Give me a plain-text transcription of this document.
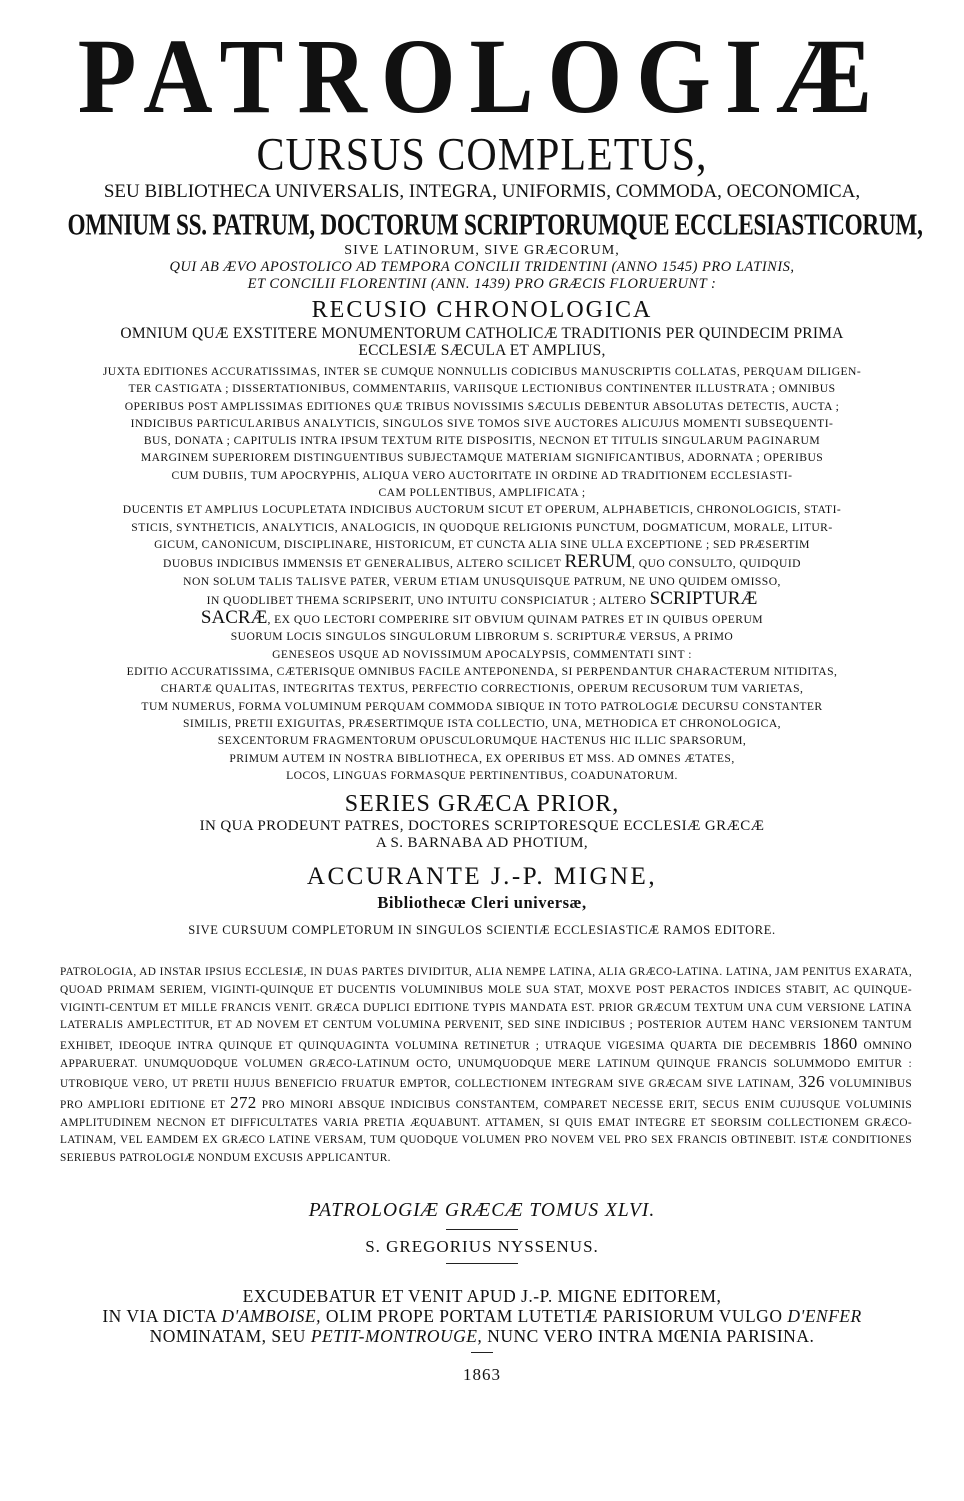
PATROLOGIÆ
CURSUS COMPLETUS,
SEU BIBLIOTHECA UNIVERSALIS, INTEGRA, UNIFORMIS, COMMODA, OECONOMICA,
OMNIUM SS. PATRUM, DOCTORUM SCRIPTORUMQUE ECCLESIASTICORUM,
SIVE LATINORUM, SIVE GRÆCORUM,
QUI AB ÆVO APOSTOLICO AD TEMPORA CONCILII TRIDENTINI (ANNO 1545) PRO LATINIS,
ET CONCILII FLORENTINI (ANN. 1439) PRO GRÆCIS FLORUERUNT :
RECUSIO CHRONOLOGICA
OMNIUM QUÆ EXSTITERE MONUMENTORUM CATHOLICÆ TRADITIONIS PER QUINDECIM PRIMA
ECCLESIÆ SÆCULA ET AMPLIUS,
JUXTA EDITIONES ACCURATISSIMAS, INTER SE CUMQUE NONNULLIS CODICIBUS MANUSCRIPTIS COLLATAS, PERQUAM DILIGEN-
TER CASTIGATA ; DISSERTATIONIBUS, COMMENTARIIS, VARIISQUE LECTIONIBUS CONTINENTER ILLUSTRATA ; OMNIBUS
OPERIBUS POST AMPLISSIMAS EDITIONES QUÆ TRIBUS NOVISSIMIS SÆCULIS DEBENTUR ABSOLUTAS DETECTIS, AUCTA ;
INDICIBUS PARTICULARIBUS ANALYTICIS, SINGULOS SIVE TOMOS SIVE AUCTORES ALICUJUS MOMENTI SUBSEQUENTI-
BUS, DONATA ; CAPITULIS INTRA IPSUM TEXTUM RITE DISPOSITIS, NECNON ET TITULIS SINGULARUM PAGINARUM
MARGINEM SUPERIOREM DISTINGUENTIBUS SUBJECTAMQUE MATERIAM SIGNIFICANTIBUS, ADORNATA ; OPERIBUS
CUM DUBIIS, TUM APOCRYPHIS, ALIQUA VERO AUCTORITATE IN ORDINE AD TRADITIONEM ECCLESIASTI-
CAM POLLENTIBUS, AMPLIFICATA ;
DUCENTIS ET AMPLIUS LOCUPLETATA INDICIBUS AUCTORUM SICUT ET OPERUM, ALPHABETICIS, CHRONOLOGICIS, STATI-
STICIS, SYNTHETICIS, ANALYTICIS, ANALOGICIS, IN QUODQUE RELIGIONIS PUNCTUM, DOGMATICUM, MORALE, LITUR-
GICUM, CANONICUM, DISCIPLINARE, HISTORICUM, ET CUNCTA ALIA SINE ULLA EXCEPTIONE ; SED PRÆSERTIM
DUOBUS INDICIBUS IMMENSIS ET GENERALIBUS, ALTERO SCILICET RERUM, QUO CONSULTO, QUIDQUID
NON SOLUM TALIS TALISVE PATER, VERUM ETIAM UNUSQUISQUE PATRUM, NE UNO QUIDEM OMISSO,
IN QUODLIBET THEMA SCRIPSERIT, UNO INTUITU CONSPICIATUR ; ALTERO SCRIPTURÆ
SACRÆ, EX QUO LECTORI COMPERIRE SIT OBVIUM QUINAM PATRES ET IN QUIBUS OPERUM
SUORUM LOCIS SINGULOS SINGULORUM LIBRORUM S. SCRIPTURÆ VERSUS, A PRIMO
GENESEOS USQUE AD NOVISSIMUM APOCALYPSIS, COMMENTATI SINT :
EDITIO ACCURATISSIMA, CÆTERISQUE OMNIBUS FACILE ANTEPONENDA, SI PERPENDANTUR CHARACTERUM NITIDITAS,
CHARTÆ QUALITAS, INTEGRITAS TEXTUS, PERFECTIO CORRECTIONIS, OPERUM RECUSORUM TUM VARIETAS,
TUM NUMERUS, FORMA VOLUMINUM PERQUAM COMMODA SIBIQUE IN TOTO PATROLOGIÆ DECURSU CONSTANTER
SIMILIS, PRETII EXIGUITAS, PRÆSERTIMQUE ISTA COLLECTIO, UNA, METHODICA ET CHRONOLOGICA,
SEXCENTORUM FRAGMENTORUM OPUSCULORUMQUE HACTENUS HIC ILLIC SPARSORUM,
PRIMUM AUTEM IN NOSTRA BIBLIOTHECA, EX OPERIBUS ET MSS. AD OMNES ÆTATES,
LOCOS, LINGUAS FORMASQUE PERTINENTIBUS, COADUNATORUM.
SERIES GRÆCA PRIOR,
IN QUA PRODEUNT PATRES, DOCTORES SCRIPTORESQUE ECCLESIÆ GRÆCÆ
A S. BARNABA AD PHOTIUM,
ACCURANTE J.-P. MIGNE,
Bibliothecæ Cleri universæ,
SIVE CURSUUM COMPLETORUM IN SINGULOS SCIENTIÆ ECCLESIASTICÆ RAMOS EDITORE.
PATROLOGIA, AD INSTAR IPSIUS ECCLESIÆ, IN DUAS PARTES DIVIDITUR, ALIA NEMPE LATINA, ALIA GRÆCO-LATINA. LATINA, JAM PENITUS EXARATA, QUOAD PRIMAM SERIEM, VIGINTI-QUINQUE ET DUCENTIS VOLUMINIBUS MOLE SUA STAT, MOXVE POST PERACTOS INDICES STABIT, AC QUINQUE-VIGINTI-CENTUM ET MILLE FRANCIS VENIT. GRÆCA DUPLICI EDITIONE TYPIS MANDATA EST. PRIOR GRÆCUM TEXTUM UNA CUM VERSIONE LATINA LATERALIS AMPLECTITUR, ET AD NOVEM ET CENTUM VOLUMINA PERVENIT, SED SINE INDICIBUS ; POSTERIOR AUTEM HANC VERSIONEM TANTUM EXHIBET, IDEOQUE INTRA QUINQUE ET QUINQUAGINTA VOLUMINA RETINETUR ; UTRAQUE VIGESIMA QUARTA DIE DECEMBRIS 1860 OMNINO APPARUERAT. UNUMQUODQUE VOLUMEN GRÆCO-LATINUM OCTO, UNUMQUODQUE MERE LATINUM QUINQUE FRANCIS SOLUMMODO EMITUR : UTROBIQUE VERO, UT PRETII HUJUS BENEFICIO FRUATUR EMPTOR, COLLECTIONEM INTEGRAM SIVE GRÆCAM SIVE LATINAM, 326 VOLUMINIBUS PRO AMPLIORI EDITIONE ET 272 PRO MINORI ABSQUE INDICIBUS CONSTANTEM, COMPARET NECESSE ERIT, SECUS ENIM CUJUSQUE VOLUMINIS AMPLITUDINEM NECNON ET DIFFICULTATES VARIA PRETIA ÆQUABUNT. ATTAMEN, SI QUIS EMAT INTEGRE ET SEORSIM COLLECTIONEM GRÆCO-LATINAM, VEL EAMDEM EX GRÆCO LATINE VERSAM, TUM QUODQUE VOLUMEN PRO NOVEM VEL PRO SEX FRANCIS OBTINEBIT. ISTÆ CONDITIONES SERIEBUS PATROLOGIÆ NONDUM EXCUSIS APPLICANTUR.
PATROLOGIÆ GRÆCÆ TOMUS XLVI.
S. GREGORIUS NYSSENUS.
EXCUDEBATUR ET VENIT APUD J.-P. MIGNE EDITOREM,
IN VIA DICTA D'AMBOISE, OLIM PROPE PORTAM LUTETIÆ PARISIORUM VULGO D'ENFER
NOMINATAM, SEU PETIT-MONTROUGE, NUNC VERO INTRA MŒNIA PARISINA.
1863
